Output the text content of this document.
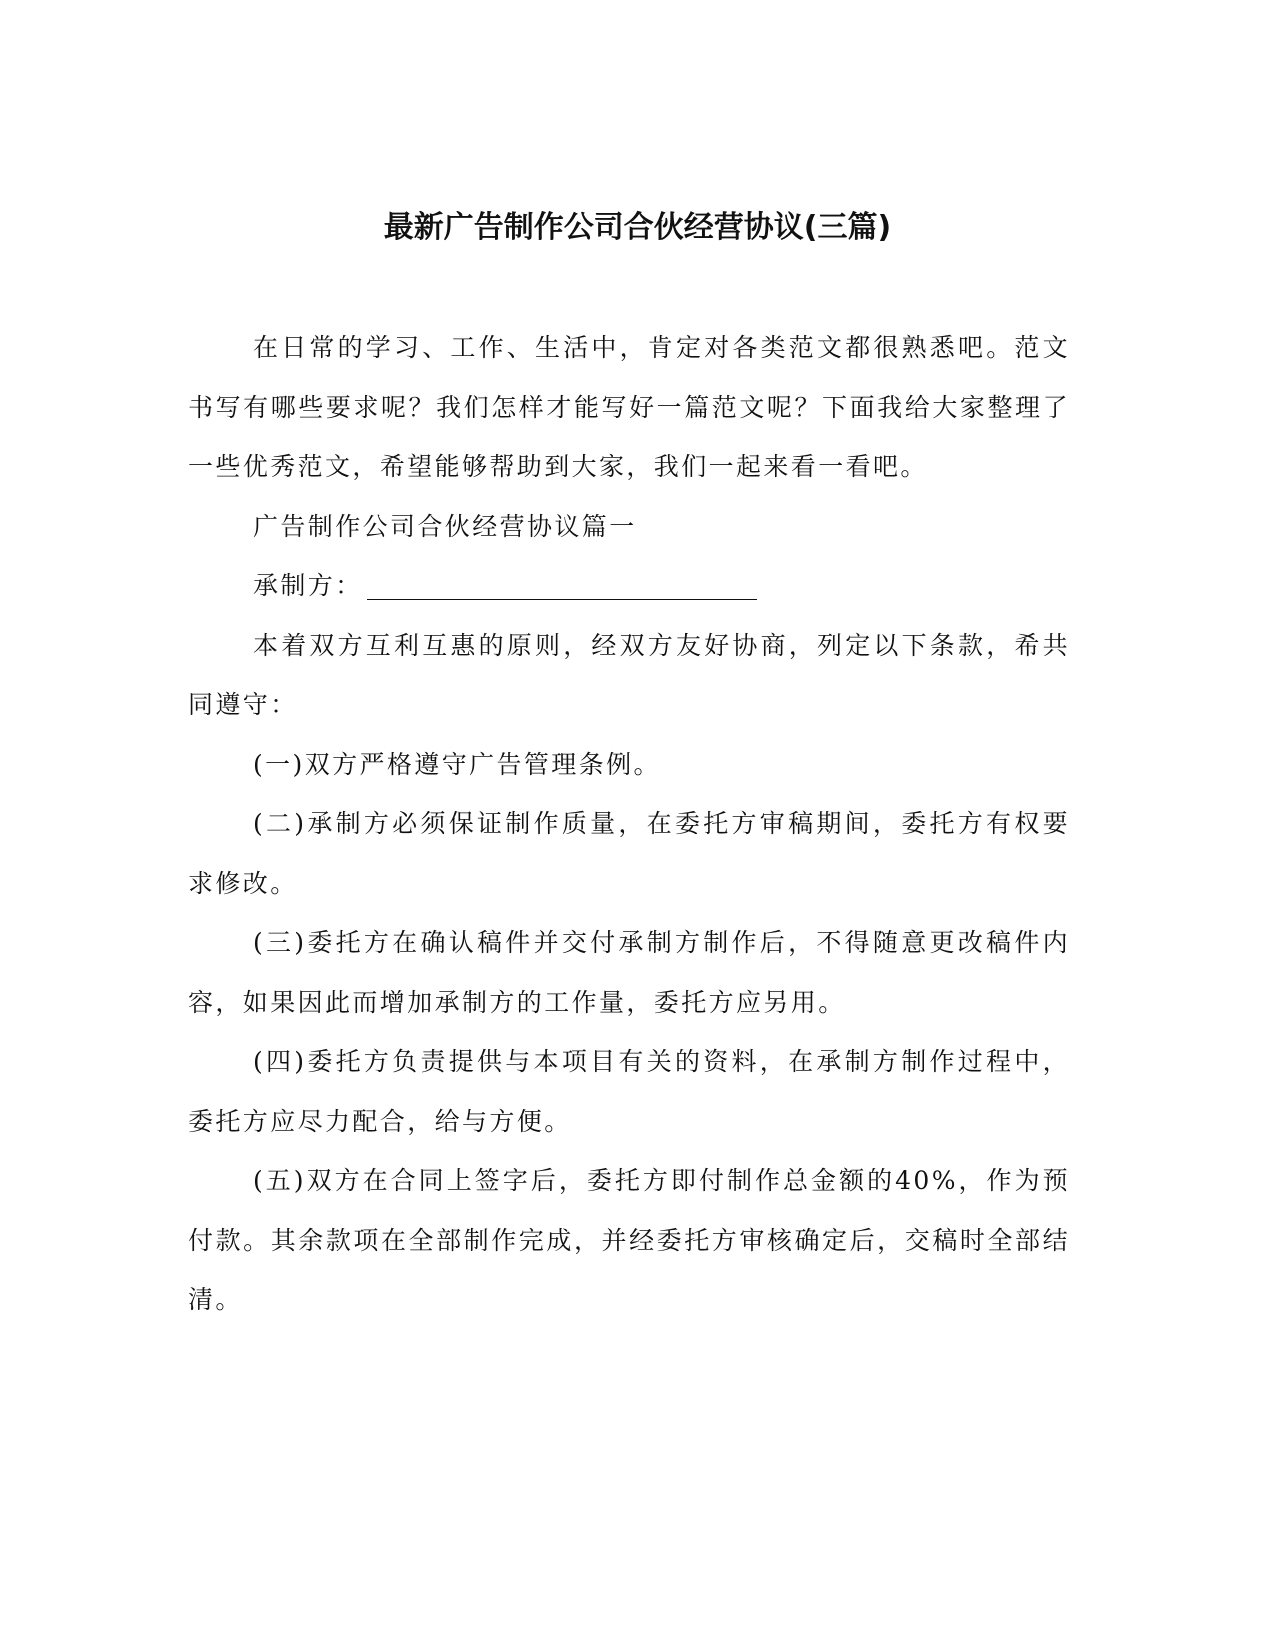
最新广告制作公司合伙经营协议(三篇)

在日常的学习、工作、生活中，肯定对各类范文都很熟悉吧。范文书写有哪些要求呢？我们怎样才能写好一篇范文呢？下面我给大家整理了一些优秀范文，希望能够帮助到大家，我们一起来看一看吧。

广告制作公司合伙经营协议篇一

承制方：

本着双方互利互惠的原则，经双方友好协商，列定以下条款，希共同遵守：

(一)双方严格遵守广告管理条例。

(二)承制方必须保证制作质量，在委托方审稿期间，委托方有权要求修改。

(三)委托方在确认稿件并交付承制方制作后，不得随意更改稿件内容，如果因此而增加承制方的工作量，委托方应另用。

(四)委托方负责提供与本项目有关的资料，在承制方制作过程中，委托方应尽力配合，给与方便。

(五)双方在合同上签字后，委托方即付制作总金额的40%，作为预付款。其余款项在全部制作完成，并经委托方审核确定后，交稿时全部结清。
